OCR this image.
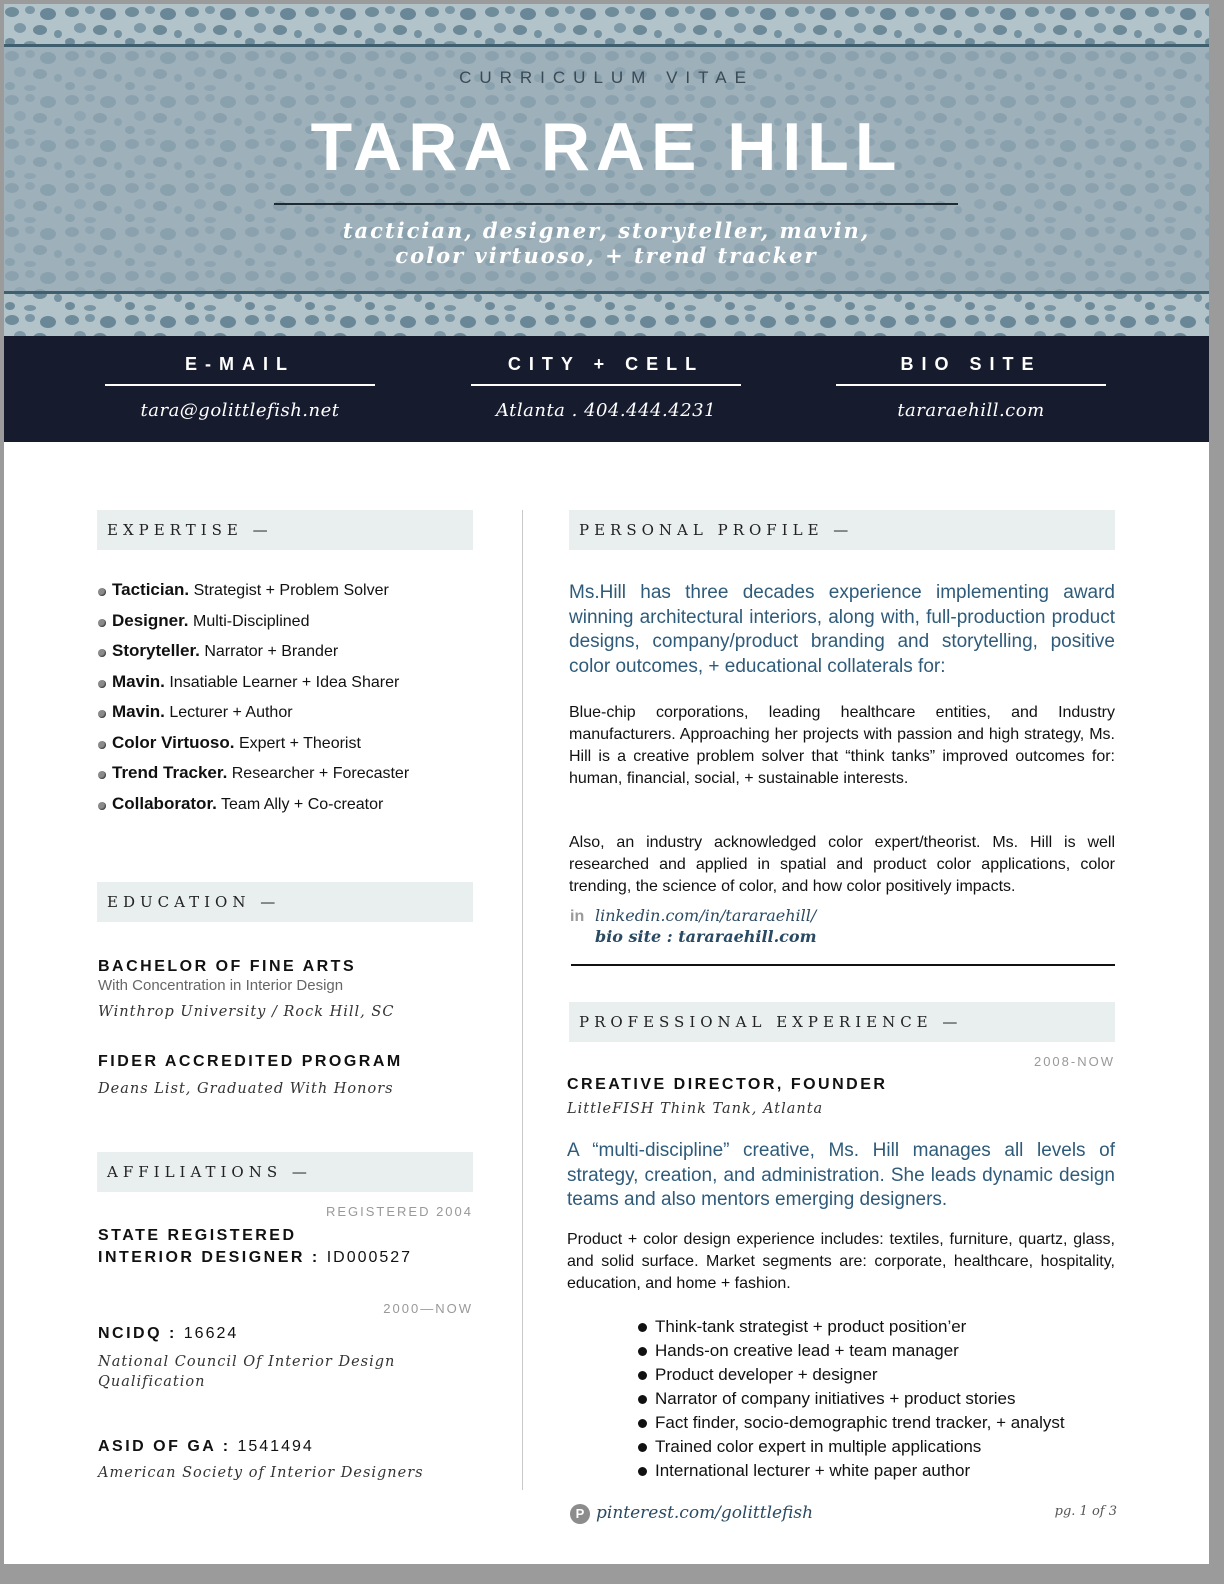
CURRICULUM VITAE
TARA RAE HILL
tactician, designer, storyteller, mavin,
color virtuoso, + trend tracker
E-MAIL
tara@golittlefish.net
CITY + CELL
Atlanta . 404.444.4231
BIO SITE
tararaehill.com
EXPERTISE —
Tactician. Strategist + Problem Solver
Designer. Multi-Disciplined
Storyteller. Narrator + Brander
Mavin. Insatiable Learner + Idea Sharer
Mavin. Lecturer + Author
Color Virtuoso. Expert + Theorist
Trend Tracker. Researcher + Forecaster
Collaborator. Team Ally + Co-creator
EDUCATION —
BACHELOR OF FINE ARTS
With Concentration in Interior Design
Winthrop University / Rock Hill, SC
FIDER ACCREDITED PROGRAM
Deans List, Graduated With Honors
AFFILIATIONS —
REGISTERED 2004
STATE REGISTERED
INTERIOR DESIGNER : ID000527
2000—NOW
NCIDQ : 16624
National Council Of Interior Design Qualification
ASID OF GA : 1541494
American Society of Interior Designers
PERSONAL PROFILE —
Ms.Hill has three decades experience implementing award winning architectural interiors, along with, full-production product designs, company/product branding and storytelling, positive color outcomes, + educational collaterals for:
Blue-chip corporations, leading healthcare entities, and Industry manufacturers. Approaching her projects with passion and high strategy, Ms. Hill is a creative problem solver that “think tanks” improved outcomes for: human, financial, social, + sustainable interests.
Also, an industry acknowledged color expert/theorist. Ms. Hill is well researched and applied in spatial and product color applications, color trending, the science of color, and how color positively impacts.
in linkedin.com/in/tararaehill/
bio site : tararaehill.com
PROFESSIONAL EXPERIENCE —
2008-NOW
CREATIVE DIRECTOR, FOUNDER
LittleFISH Think Tank, Atlanta
A “multi-discipline” creative, Ms. Hill manages all levels of strategy, creation, and administration. She leads dynamic design teams and also mentors emerging designers.
Product + color design experience includes: textiles, furniture, quartz, glass, and solid surface. Market segments are: corporate, healthcare, hospitality, education, and home + fashion.
Think-tank strategist + product position’er
Hands-on creative lead + team manager
Product developer + designer
Narrator of company initiatives + product stories
Fact finder, socio-demographic trend tracker, + analyst
Trained color expert in multiple applications
International lecturer + white paper author
P pinterest.com/golittlefish	pg. 1 of 3
